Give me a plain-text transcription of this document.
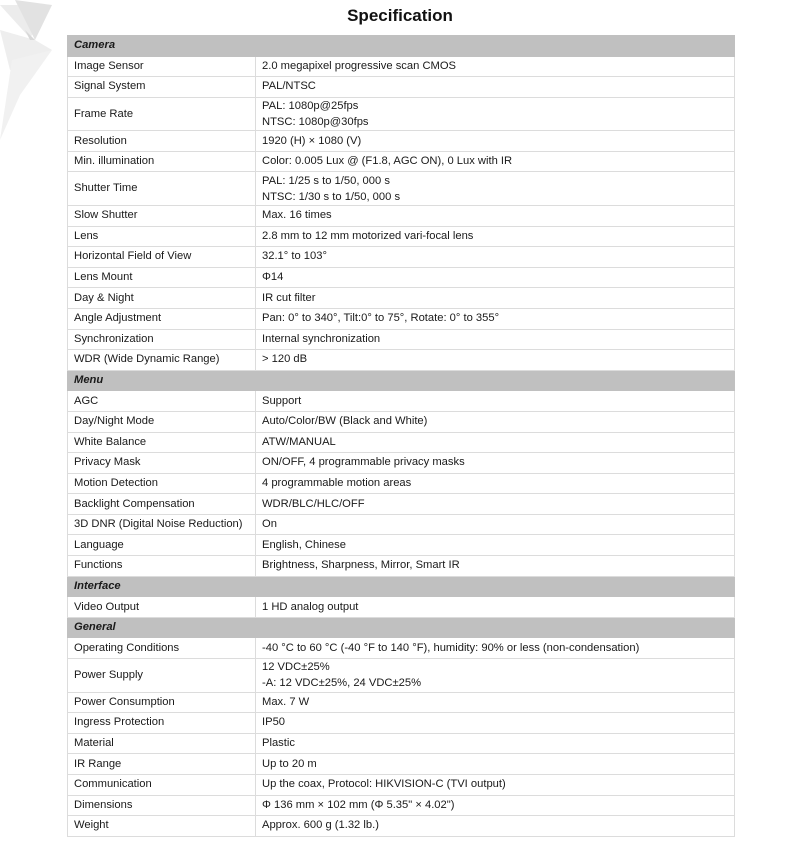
Specification
Camera	
Image Sensor	2.0 megapixel progressive scan CMOS

Signal System	PAL/NTSC

Frame Rate	PAL: 1080p@25fps
NTSC: 1080p@30fps

Resolution	1920 (H) × 1080 (V)

Min. illumination	Color: 0.005 Lux @ (F1.8, AGC ON), 0 Lux with IR

Shutter Time	PAL: 1/25 s to 1/50, 000 s
NTSC: 1/30 s to 1/50, 000 s

Slow Shutter	Max. 16 times

Lens	2.8 mm to 12 mm motorized vari-focal lens

Horizontal Field of View	32.1° to 103°

Lens Mount	Φ14

Day & Night	IR cut filter

Angle Adjustment	Pan: 0° to 340°, Tilt:0° to 75°, Rotate: 0° to 355°

Synchronization	Internal synchronization

WDR (Wide Dynamic Range)	> 120 dB

Menu	
AGC	Support

Day/Night Mode	Auto/Color/BW (Black and White)

White Balance	ATW/MANUAL

Privacy Mask	ON/OFF, 4 programmable privacy masks

Motion Detection	4 programmable motion areas

Backlight Compensation	WDR/BLC/HLC/OFF

3D DNR (Digital Noise Reduction)	On

Language	English, Chinese

Functions	Brightness, Sharpness, Mirror, Smart IR

Interface	
Video Output	1 HD analog output

General	
Operating Conditions	-40 °C to 60 °C (-40 °F to 140 °F), humidity: 90% or less (non-condensation)

Power Supply	12 VDC±25%
-A: 12 VDC±25%, 24 VDC±25%

Power Consumption	Max. 7 W

Ingress Protection	IP50

Material	Plastic

IR Range	Up to 20 m

Communication	Up the coax, Protocol: HIKVISION-C (TVI output)

Dimensions	Φ 136 mm × 102 mm (Φ 5.35" × 4.02")

Weight	Approx. 600 g (1.32 lb.)
